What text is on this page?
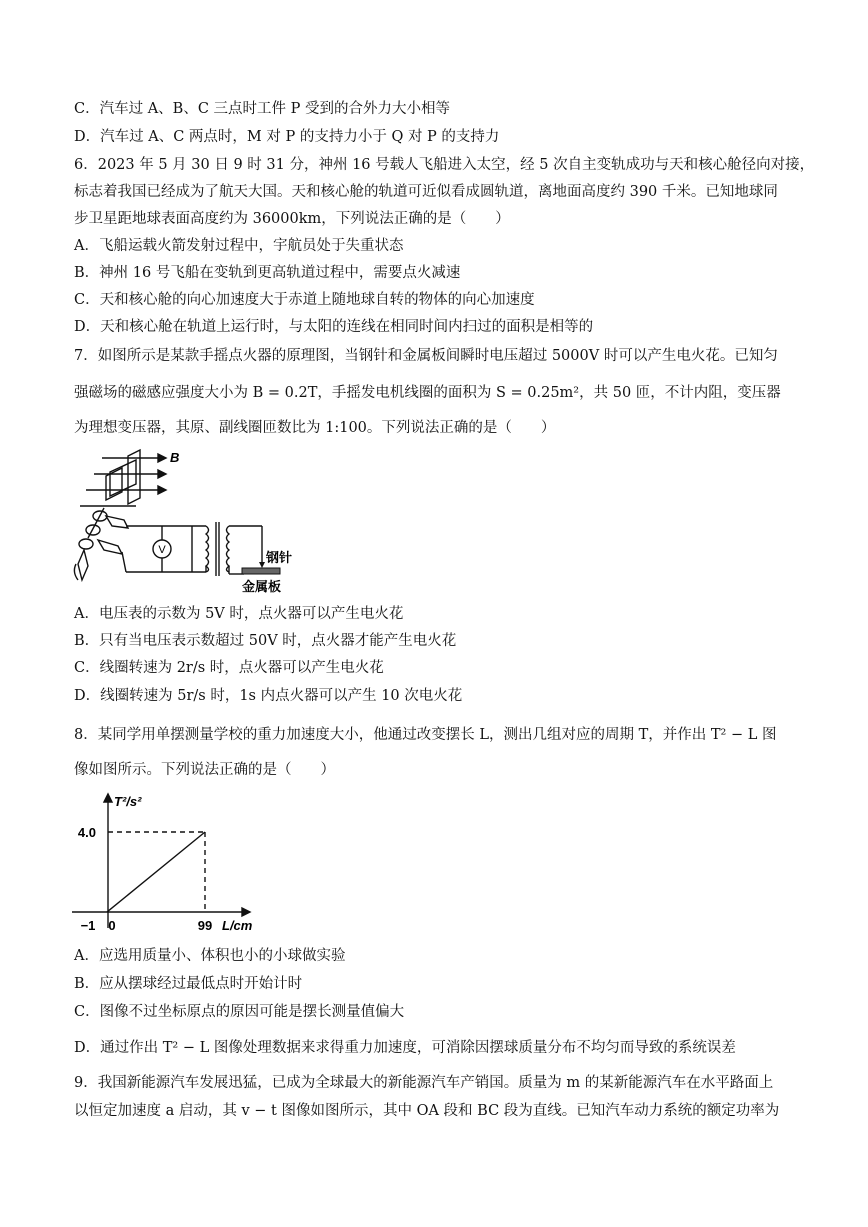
C．汽车过 A、B、C 三点时工件 P 受到的合外力大小相等
D．汽车过 A、C 两点时，M 对 P 的支持力小于 Q 对 P 的支持力
6．2023 年 5 月 30 日 9 时 31 分，神州 16 号载人飞船进入太空，经 5 次自主变轨成功与天和核心舱径向对接，
标志着我国已经成为了航天大国。天和核心舱的轨道可近似看成圆轨道，离地面高度约 390 千米。已知地球同
步卫星距地球表面高度约为 36000km，下列说法正确的是（　　）
A．飞船运载火箭发射过程中，宇航员处于失重状态
B．神州 16 号飞船在变轨到更高轨道过程中，需要点火减速
C．天和核心舱的向心加速度大于赤道上随地球自转的物体的向心加速度
D．天和核心舱在轨道上运行时，与太阳的连线在相同时间内扫过的面积是相等的
7．如图所示是某款手摇点火器的原理图，当钢针和金属板间瞬时电压超过 5000V 时可以产生电火花。已知匀
强磁场的磁感应强度大小为 B = 0.2T，手摇发电机线圈的面积为 S = 0.25m²，共 50 匝，不计内阻，变压器
为理想变压器，其原、副线圈匝数比为 1:100。下列说法正确的是（　　）
V
B
钢针
金属板
A．电压表的示数为 5V 时，点火器可以产生电火花
B．只有当电压表示数超过 50V 时，点火器才能产生电火花
C．线圈转速为 2r/s 时，点火器可以产生电火花
D．线圈转速为 5r/s 时，1s 内点火器可以产生 10 次电火花
8．某同学用单摆测量学校的重力加速度大小，他通过改变摆长 L，测出几组对应的周期 T，并作出 T² − L 图
像如图所示。下列说法正确的是（　　）
T²/s²
L/cm
4.0
−1 0	99
A．应选用质量小、体积也小的小球做实验
B．应从摆球经过最低点时开始计时
C．图像不过坐标原点的原因可能是摆长测量值偏大
D．通过作出 T² − L 图像处理数据来求得重力加速度，可消除因摆球质量分布不均匀而导致的系统误差
9．我国新能源汽车发展迅猛，已成为全球最大的新能源汽车产销国。质量为 m 的某新能源汽车在水平路面上
以恒定加速度 a 启动，其 v − t 图像如图所示，其中 OA 段和 BC 段为直线。已知汽车动力系统的额定功率为
